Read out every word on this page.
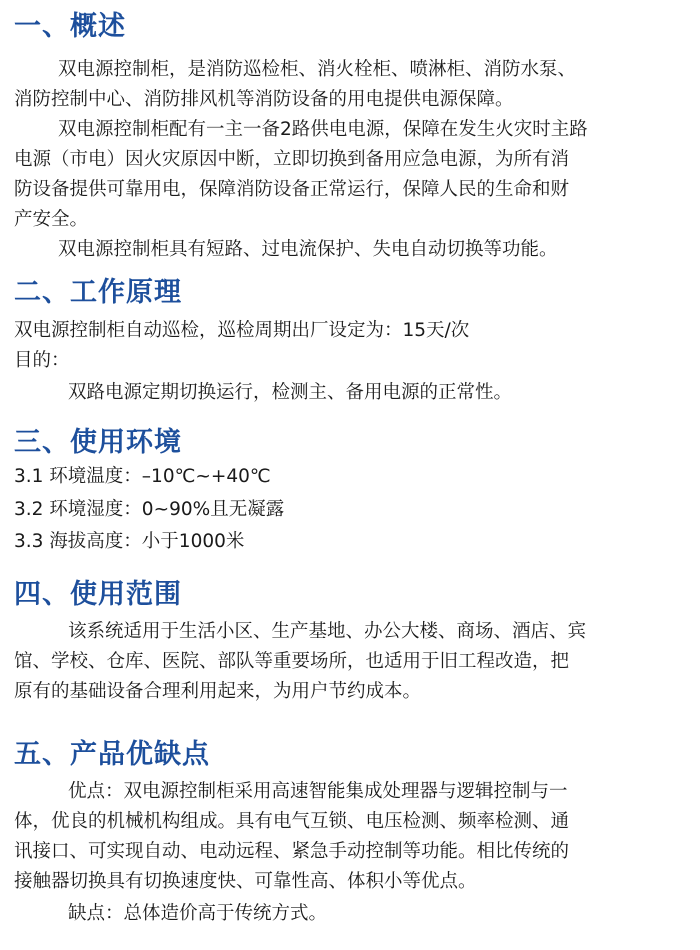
一、概述

双电源控制柜，是消防巡检柜、消火栓柜、喷淋柜、消防水泵、

消防控制中心、消防排风机等消防设备的用电提供电源保障。

双电源控制柜配有一主一备2路供电电源，保障在发生火灾时主路

电源（市电）因火灾原因中断，立即切换到备用应急电源，为所有消

防设备提供可靠用电，保障消防设备正常运行，保障人民的生命和财

产安全。

双电源控制柜具有短路、过电流保护、失电自动切换等功能。

二、工作原理

双电源控制柜自动巡检，巡检周期出厂设定为：15天/次

目的：

双路电源定期切换运行，检测主、备用电源的正常性。

三、使用环境

3.1 环境温度：–10℃~+40℃

3.2 环境湿度：0~90%且无凝露

3.3 海拔高度：小于1000米

四、使用范围

该系统适用于生活小区、生产基地、办公大楼、商场、酒店、宾

馆、学校、仓库、医院、部队等重要场所，也适用于旧工程改造，把

原有的基础设备合理利用起来，为用户节约成本。

五、产品优缺点

优点：双电源控制柜采用高速智能集成处理器与逻辑控制与一

体，优良的机械机构组成。具有电气互锁、电压检测、频率检测、通

讯接口、可实现自动、电动远程、紧急手动控制等功能。相比传统的

接触器切换具有切换速度快、可靠性高、体积小等优点。

缺点：总体造价高于传统方式。
